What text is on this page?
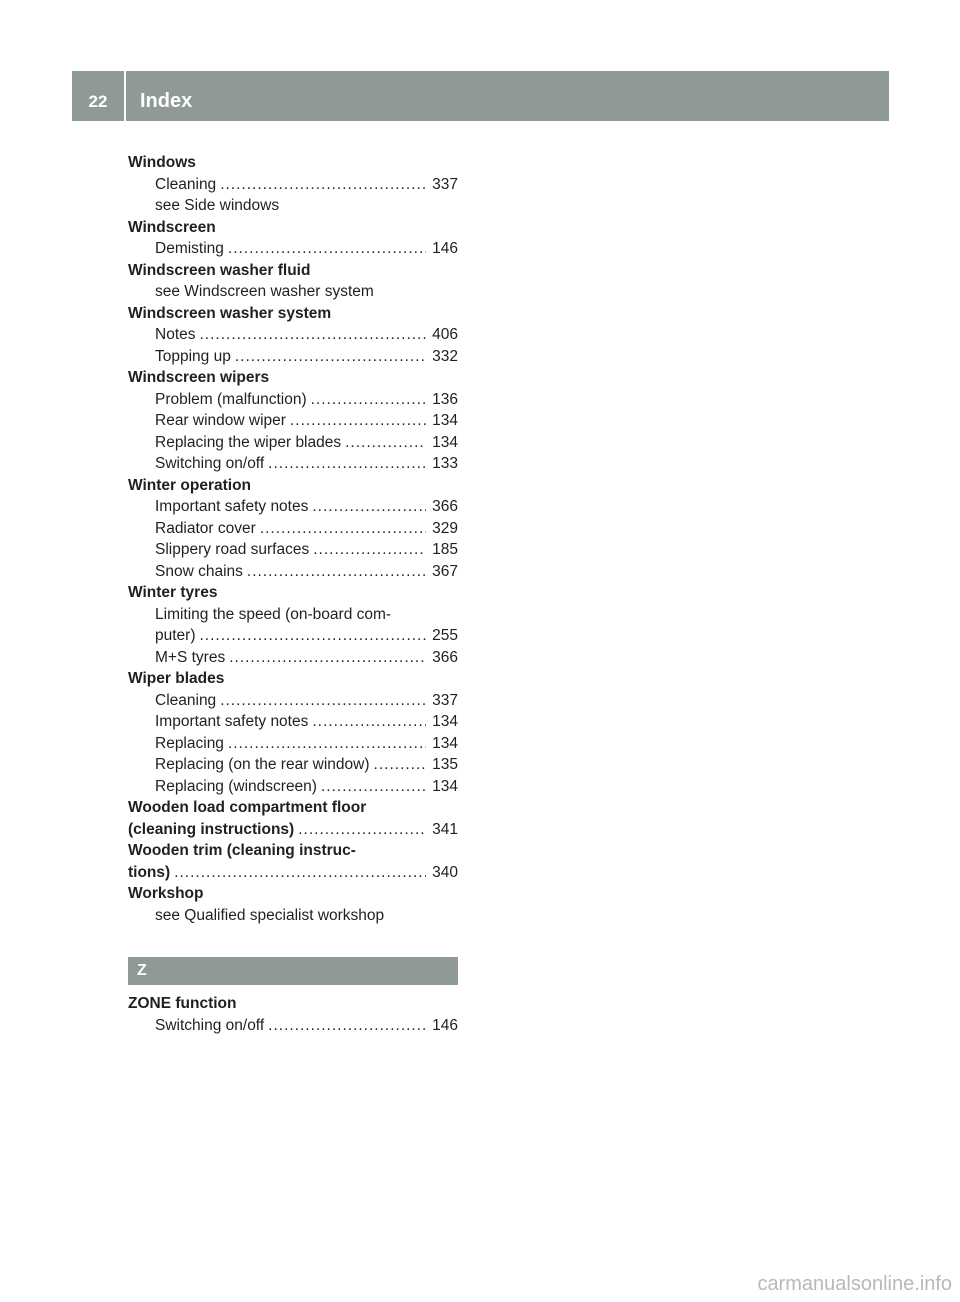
22	Index
Windows
Cleaning .....	337
see Side windows
Windscreen
Demisting .....	146
Windscreen washer fluid
see Windscreen washer system
Windscreen washer system
Notes .....	406
Topping up .....	332
Windscreen wipers
Problem (malfunction) .....	136
Rear window wiper .....	134
Replacing the wiper blades .....	134
Switching on/off .....	133
Winter operation
Important safety notes .....	366
Radiator cover .....	329
Slippery road surfaces .....	185
Snow chains .....	367
Winter tyres
Limiting the speed (on-board com-
puter) .....	255
M+S tyres .....	366
Wiper blades
Cleaning .....	337
Important safety notes .....	134
Replacing .....	134
Replacing (on the rear window) .....	135
Replacing (windscreen) .....	134
Wooden load compartment floor
(cleaning instructions) .....	341
Wooden trim (cleaning instruc-
tions) .....	340
Workshop
see Qualified specialist workshop
Z
ZONE function
Switching on/off .....	146
carmanualsonline.info
